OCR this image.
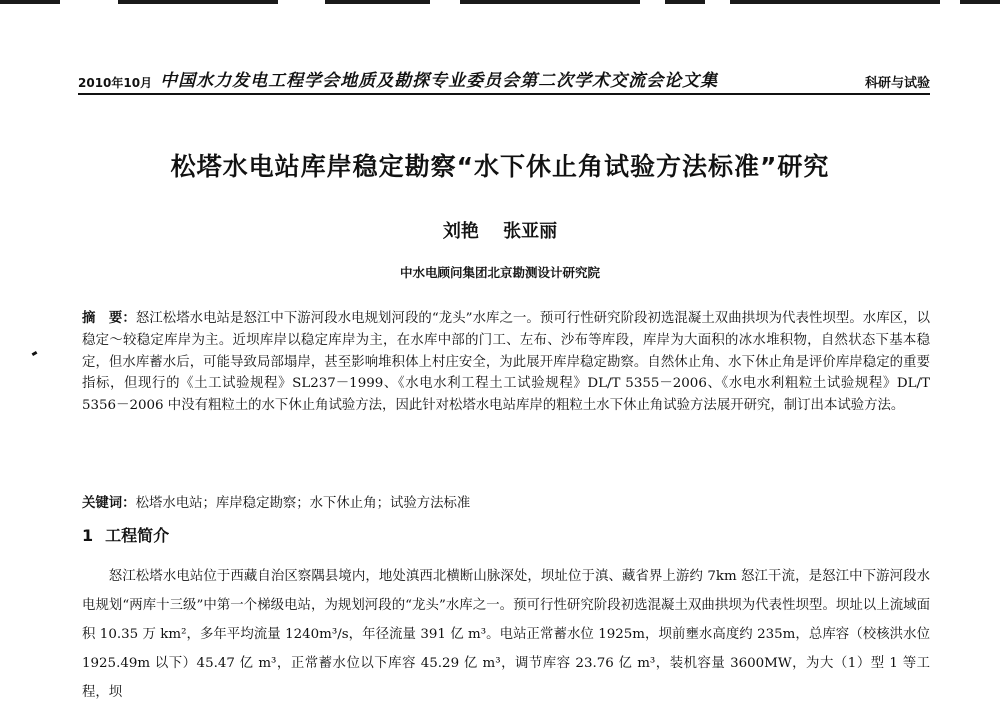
2010年10月 中国水力发电工程学会地质及勘探专业委员会第二次学术交流会论文集	科研与试验
松塔水电站库岸稳定勘察“水下休止角试验方法标准”研究
刘艳 张亚丽
中水电顾问集团北京勘测设计研究院
摘　要：怒江松塔水电站是怒江中下游河段水电规划河段的“龙头”水库之一。预可行性研究阶段初选混凝土双曲拱坝为代表性坝型。水库区，以稳定～较稳定库岸为主。近坝库岸以稳定库岸为主，在水库中部的门工、左布、沙布等库段，库岸为大面积的冰水堆积物，自然状态下基本稳定，但水库蓄水后，可能导致局部塌岸，甚至影响堆积体上村庄安全，为此展开库岸稳定勘察。自然休止角、水下休止角是评价库岸稳定的重要指标，但现行的《土工试验规程》SL237－1999、《水电水利工程土工试验规程》DL/T 5355－2006、《水电水利粗粒土试验规程》DL/T 5356－2006 中没有粗粒土的水下休止角试验方法，因此针对松塔水电站库岸的粗粒土水下休止角试验方法展开研究，制订出本试验方法。
关键词：松塔水电站；库岸稳定勘察；水下休止角；试验方法标准
1 工程简介
怒江松塔水电站位于西藏自治区察隅县境内，地处滇西北横断山脉深处，坝址位于滇、藏省界上游约 7km 怒江干流，是怒江中下游河段水电规划“两库十三级”中第一个梯级电站，为规划河段的“龙头”水库之一。预可行性研究阶段初选混凝土双曲拱坝为代表性坝型。坝址以上流域面积 10.35 万 km²，多年平均流量 1240m³/s，年径流量 391 亿 m³。电站正常蓄水位 1925m，坝前壅水高度约 235m，总库容（校核洪水位 1925.49m 以下）45.47 亿 m³，正常蓄水位以下库容 45.29 亿 m³，调节库容 23.76 亿 m³，装机容量 3600MW，为大（1）型 1 等工程，坝
